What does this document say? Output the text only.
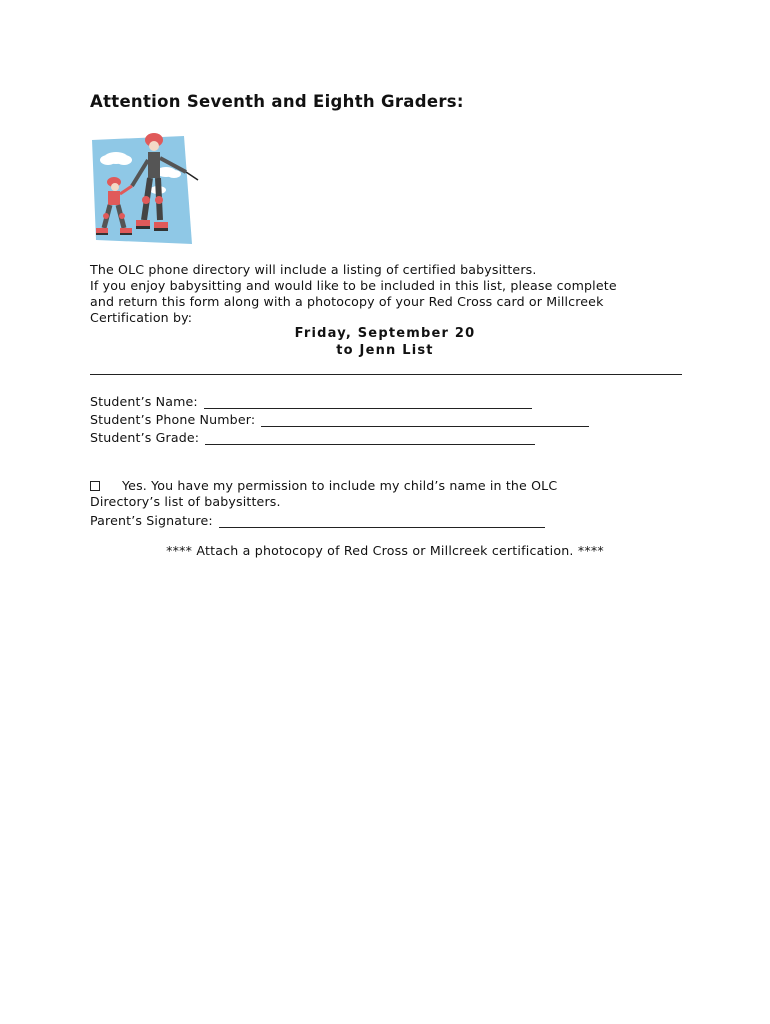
Attention Seventh and Eighth Graders:

The OLC phone directory will include a listing of certified babysitters.
If you enjoy babysitting and would like to be included in this list, please complete
and return this form along with a photocopy of your Red Cross card or Millcreek
Certification by:

Friday, September 20
to Jenn List
Student’s Name:
Student’s Phone Number:
Student’s Grade:
Yes. You have my permission to include my child’s name in the OLC
Directory’s list of babysitters.
Parent’s Signature:
**** Attach a photocopy of Red Cross or Millcreek certification. ****
